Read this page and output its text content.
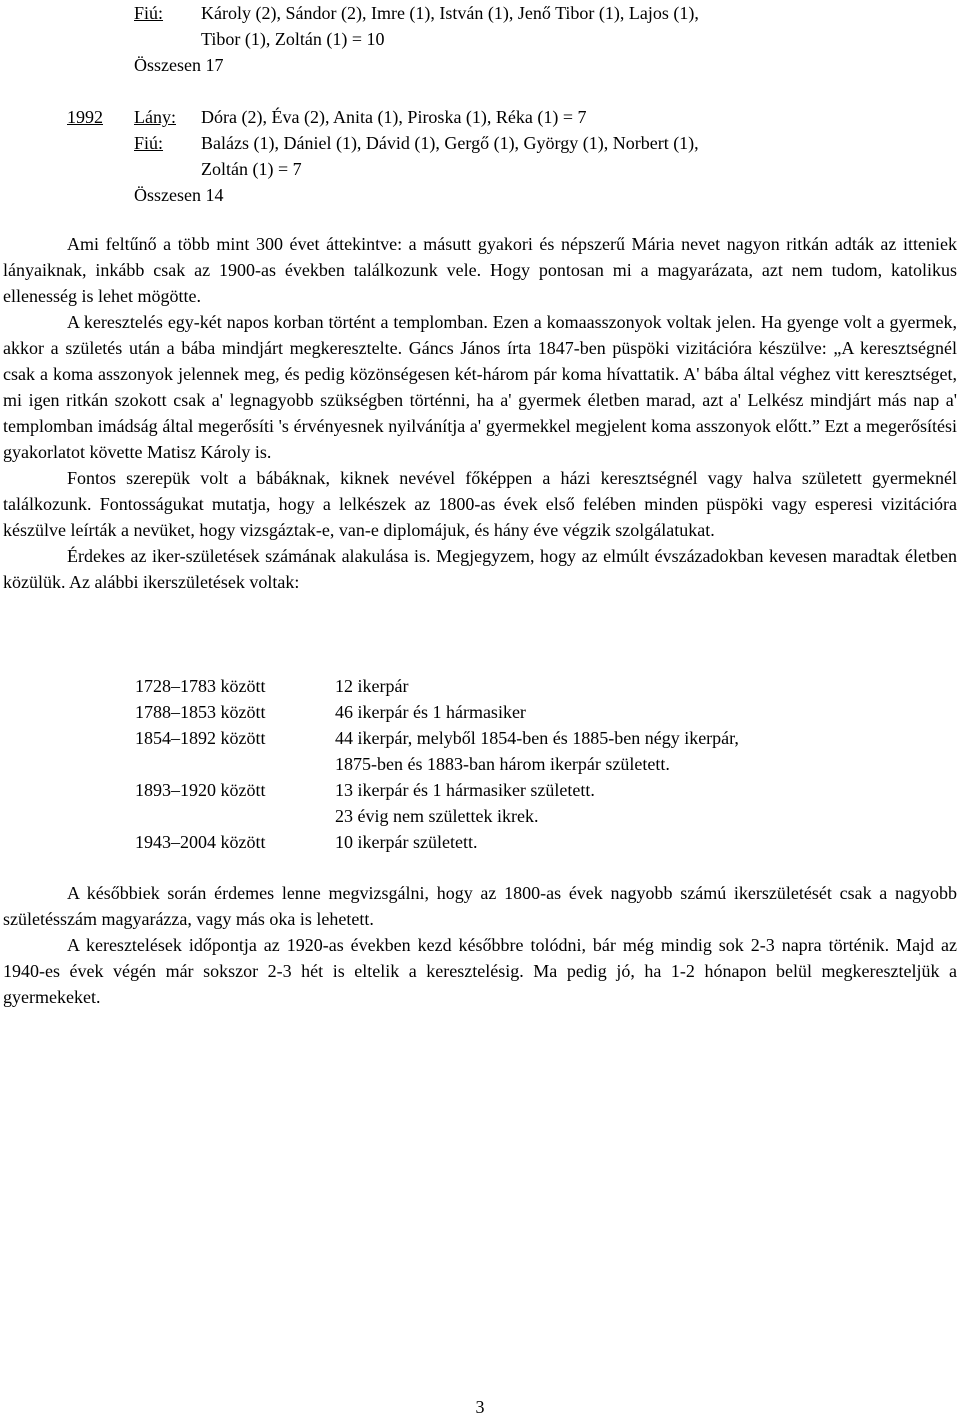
Fiú: Károly (2), Sándor (2), Imre (1), István (1), Jenő Tibor (1), Lajos (1),
Tibor (1), Zoltán (1) = 10
Összesen 17
1992 Lány: Dóra (2), Éva (2), Anita (1), Piroska (1), Réka (1) = 7
Fiú: Balázs (1), Dániel (1), Dávid (1), Gergő (1), György (1), Norbert (1),
Zoltán (1) = 7
Összesen 14

Ami feltűnő a több mint 300 évet áttekintve: a másutt gyakori és népszerű Mária nevet nagyon ritkán adták az itteniek lányaiknak, inkább csak az 1900-as években találkozunk vele. Hogy pontosan mi a magyarázata, azt nem tudom, katolikus ellenesség is lehet mögötte.

A keresztelés egy-két napos korban történt a templomban. Ezen a komaasszonyok voltak jelen. Ha gyenge volt a gyermek, akkor a születés után a bába mindjárt megkeresztelte. Gáncs János írta 1847-ben püspöki vizitációra készülve: „A keresztségnél csak a koma asszonyok jelennek meg, és pedig közönségesen két-három pár koma hívattatik. A' bába által véghez vitt keresztséget, mi igen ritkán szokott csak a' legnagyobb szükségben történni, ha a' gyermek életben marad, azt a' Lelkész mindjárt más nap a' templomban imádság által megerősíti 's érvényesnek nyilvánítja a' gyermekkel megjelent koma asszonyok előtt.” Ezt a megerősítési gyakorlatot követte Matisz Károly is.

Fontos szerepük volt a bábáknak, kiknek nevével főképpen a házi keresztségnél vagy halva született gyermeknél találkozunk. Fontosságukat mutatja, hogy a lelkészek az 1800-as évek első felében minden püspöki vagy esperesi vizitációra készülve leírták a nevüket, hogy vizsgáztak-e, van-e diplomájuk, és hány éve végzik szolgálatukat.

Érdekes az iker-születések számának alakulása is. Megjegyzem, hogy az elmúlt évszázadokban kevesen maradtak életben közülük. Az alábbi ikerszületések voltak:

1728–1783 között	12 ikerpár
1788–1853 között	46 ikerpár és 1 hármasiker
1854–1892 között	44 ikerpár, melyből 1854-ben és 1885-ben négy ikerpár,
1875-ben és 1883-ban három ikerpár született.
1893–1920 között	13 ikerpár és 1 hármasiker született.
23 évig nem születtek ikrek.
1943–2004 között	10 ikerpár született.

A későbbiek során érdemes lenne megvizsgálni, hogy az 1800-as évek nagyobb számú ikerszületését csak a nagyobb születésszám magyarázza, vagy más oka is lehetett.

A keresztelések időpontja az 1920-as években kezd későbbre tolódni, bár még mindig sok 2-3 napra történik. Majd az 1940-es évek végén már sokszor 2-3 hét is eltelik a keresztelésig. Ma pedig jó, ha 1-2 hónapon belül megkereszteljük a gyermekeket.

3
